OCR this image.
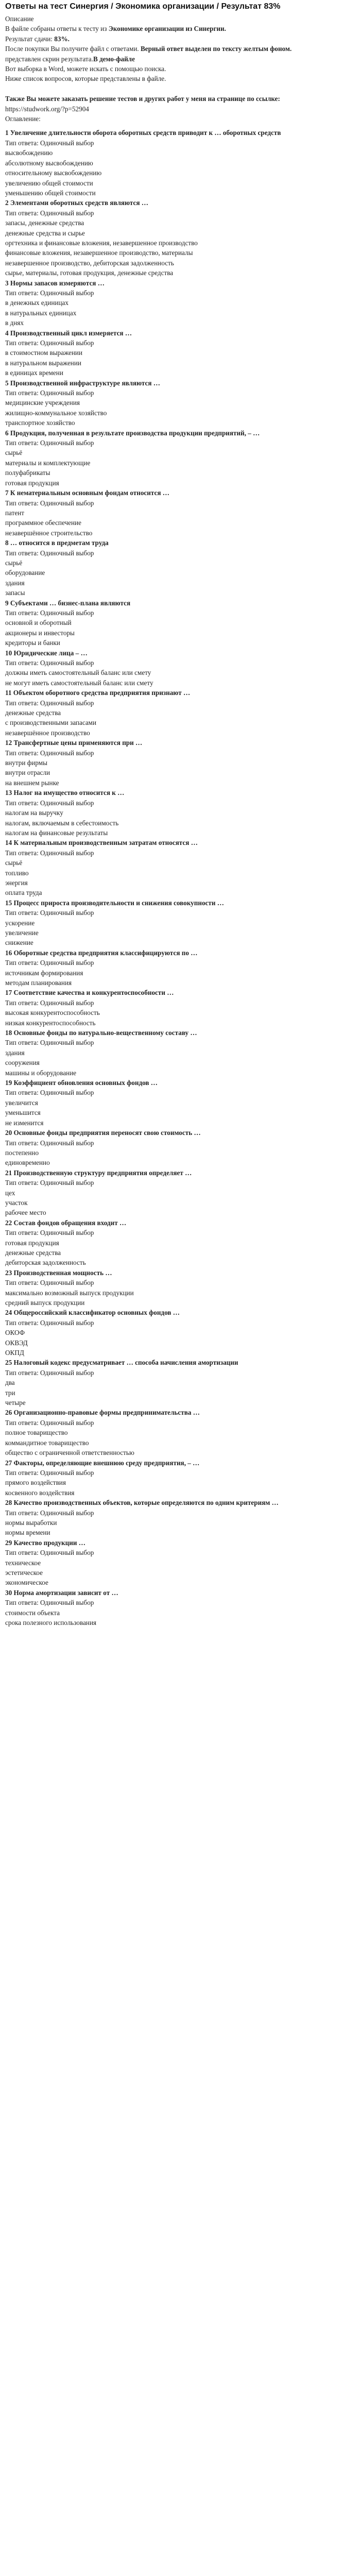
Ответы на тест Синергия / Экономика организации / Результат 83%

Описание

В файле собраны ответы к тесту из Экономике организации из Синергии.

Результат сдачи: 83%.

После покупки Вы получите файл с ответами. Верный ответ выделен по тексту желтым фоном.

представлен скрин результата.В демо-файле

Вот выборка в Word, можете искать с помощью поиска.

Ниже список вопросов, которые представлены в файле.

Также Вы можете заказать решение тестов и других работ у меня на странице по ссылке:

https://studwork.org/?p=52904

Оглавление:

1 Увеличение длительности оборота оборотных средств приводит к … оборотных средств

Тип ответа: Одиночный выбор

высвобождению

абсолютному высвобождению

относительному высвобождению

увеличению общей стоимости

уменьшению общей стоимости

2 Элементами оборотных средств являются …

Тип ответа: Одиночный выбор

запасы, денежные средства

денежные средства и сырье

оргтехника и финансовые вложения, незавершенное производство

финансовые вложения, незавершенное производство, материалы

незавершенное производство, дебиторская задолженность

сырье, материалы, готовая продукция, денежные средства

3 Нормы запасов измеряются …

Тип ответа: Одиночный выбор

в денежных единицах

в натуральных единицах

в днях

4 Производственный цикл измеряется …

Тип ответа: Одиночный выбор

в стоимостном выражении

в натуральном выражении

в единицах времени

5 Производственной инфраструктуре являются …

Тип ответа: Одиночный выбор

медицинские учреждения

жилищно-коммунальное хозяйство

транспортное хозяйство

6 Продукция, полученная в результате производства продукции предприятий, – …

Тип ответа: Одиночный выбор

сырьё

материалы и комплектующие

полуфабрикаты

готовая продукция

7 К нематериальным основным фондам относится …

Тип ответа: Одиночный выбор

патент

программное обеспечение

незавершённое строительство

8 … относится в предметам труда

Тип ответа: Одиночный выбор

сырьё

оборудование

здания

запасы

9 Субъектами … бизнес-плана являются

Тип ответа: Одиночный выбор

основной и оборотный

акционеры и инвесторы

кредиторы и банки

10 Юридические лица – …

Тип ответа: Одиночный выбор

должны иметь самостоятельный баланс или смету

не могут иметь самостоятельный баланс или смету

11 Объектом оборотного средства предприятия признают …

Тип ответа: Одиночный выбор

денежные средства

с производственными запасами

незавершённое производство

12 Трансфертные цены применяются при …

Тип ответа: Одиночный выбор

внутри фирмы

внутри отрасли

на внешнем рынке

13 Налог на имущество относится к …

Тип ответа: Одиночный выбор

налогам на выручку

налогам, включаемым в себестоимость

налогам на финансовые результаты

14 К материальным производственным затратам относятся …

Тип ответа: Одиночный выбор

сырьё

топливо

энергия

оплата труда

15 Процесс прироста производительности и снижения совокупности …

Тип ответа: Одиночный выбор

ускорение

увеличение

снижение

16 Оборотные средства предприятия классифицируются по …

Тип ответа: Одиночный выбор

источникам формирования

методам планирования

17 Соответствие качества и конкурентоспособности …

Тип ответа: Одиночный выбор

высокая конкурентоспособность

низкая конкурентоспособность

18 Основные фонды по натурально-вещественному составу …

Тип ответа: Одиночный выбор

здания

сооружения

машины и оборудование

19 Коэффициент обновления основных фондов …

Тип ответа: Одиночный выбор

увеличится

уменьшится

не изменится

20 Основные фонды предприятия переносят свою стоимость …

Тип ответа: Одиночный выбор

постепенно

единовременно

21 Производственную структуру предприятия определяет …

Тип ответа: Одиночный выбор

цех

участок

рабочее место

22 Состав фондов обращения входит …

Тип ответа: Одиночный выбор

готовая продукция

денежные средства

дебиторская задолженность

23 Производственная мощность …

Тип ответа: Одиночный выбор

максимально возможный выпуск продукции

средний выпуск продукции

24 Общероссийский классификатор основных фондов …

Тип ответа: Одиночный выбор

ОКОФ

ОКВЭД

ОКПД

25 Налоговый кодекс предусматривает … способа начисления амортизации

Тип ответа: Одиночный выбор

два

три

четыре

26 Организационно-правовые формы предпринимательства …

Тип ответа: Одиночный выбор

полное товарищество

коммандитное товарищество

общество с ограниченной ответственностью

27 Факторы, определяющие внешнюю среду предприятия, – …

Тип ответа: Одиночный выбор

прямого воздействия

косвенного воздействия

28 Качество производственных объектов, которые определяются по одним критериям …

Тип ответа: Одиночный выбор

нормы выработки

нормы времени

29 Качество продукции …

Тип ответа: Одиночный выбор

техническое

эстетическое

экономическое

30 Норма амортизации зависит от …

Тип ответа: Одиночный выбор

стоимости объекта

срока полезного использования
